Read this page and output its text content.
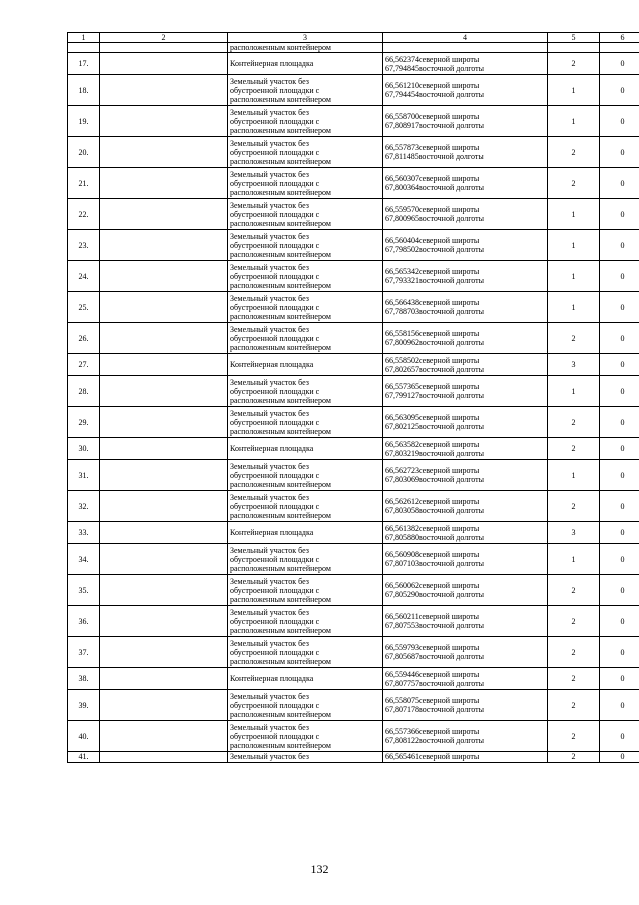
1	2	3	4	5	6
		расположенным контейнером			
17.		Контейнерная площадка	66,562374северной широты
67,794845восточной долготы	2	0
18.		Земельный участок без
обустроенной площадки с
расположенным контейнером	66,561210северной широты
67,794454восточной долготы	1	0
19.		Земельный участок без
обустроенной площадки с
расположенным контейнером	66,558700северной широты
67,808917восточной долготы	1	0
20.		Земельный участок без
обустроенной площадки с
расположенным контейнером	66,557873северной широты
67,811485восточной долготы	2	0
21.		Земельный участок без
обустроенной площадки с
расположенным контейнером	66,560307северной широты
67,800364восточной долготы	2	0
22.		Земельный участок без
обустроенной площадки с
расположенным контейнером	66,559570северной широты
67,800965восточной долготы	1	0
23.		Земельный участок без
обустроенной площадки с
расположенным контейнером	66,560404северной широты
67,798502восточной долготы	1	0
24.		Земельный участок без
обустроенной площадки с
расположенным контейнером	66,565342северной широты
67,793321восточной долготы	1	0
25.		Земельный участок без
обустроенной площадки с
расположенным контейнером	66,566438северной широты
67,788703восточной долготы	1	0
26.		Земельный участок без
обустроенной площадки с
расположенным контейнером	66,558156северной широты
67,800962восточной долготы	2	0
27.		Контейнерная площадка	66,558502северной широты
67,802657восточной долготы	3	0
28.		Земельный участок без
обустроенной площадки с
расположенным контейнером	66,557365северной широты
67,799127восточной долготы	1	0
29.		Земельный участок без
обустроенной площадки с
расположенным контейнером	66,563095северной широты
67,802125восточной долготы	2	0
30.		Контейнерная площадка	66,563582северной широты
67,803219восточной долготы	2	0
31.		Земельный участок без
обустроенной площадки с
расположенным контейнером	66,562723северной широты
67,803069восточной долготы	1	0
32.		Земельный участок без
обустроенной площадки с
расположенным контейнером	66,562612северной широты
67,803058восточной долготы	2	0
33.		Контейнерная площадка	66,561382северной широты
67,805880восточной долготы	3	0
34.		Земельный участок без
обустроенной площадки с
расположенным контейнером	66,560908северной широты
67,807103восточной долготы	1	0
35.		Земельный участок без
обустроенной площадки с
расположенным контейнером	66,560062северной широты
67,805290восточной долготы	2	0
36.		Земельный участок без
обустроенной площадки с
расположенным контейнером	66,560211северной широты
67,807553восточной долготы	2	0
37.		Земельный участок без
обустроенной площадки с
расположенным контейнером	66,559793северной широты
67,805687восточной долготы	2	0
38.		Контейнерная площадка	66,559446северной широты
67,807757восточной долготы	2	0
39.		Земельный участок без
обустроенной площадки с
расположенным контейнером	66,558075северной широты
67,807178восточной долготы	2	0
40.		Земельный участок без
обустроенной площадки с
расположенным контейнером	66,557366северной широты
67,808122восточной долготы	2	0
41.		Земельный участок без	66,565461северной широты	2	0
132
